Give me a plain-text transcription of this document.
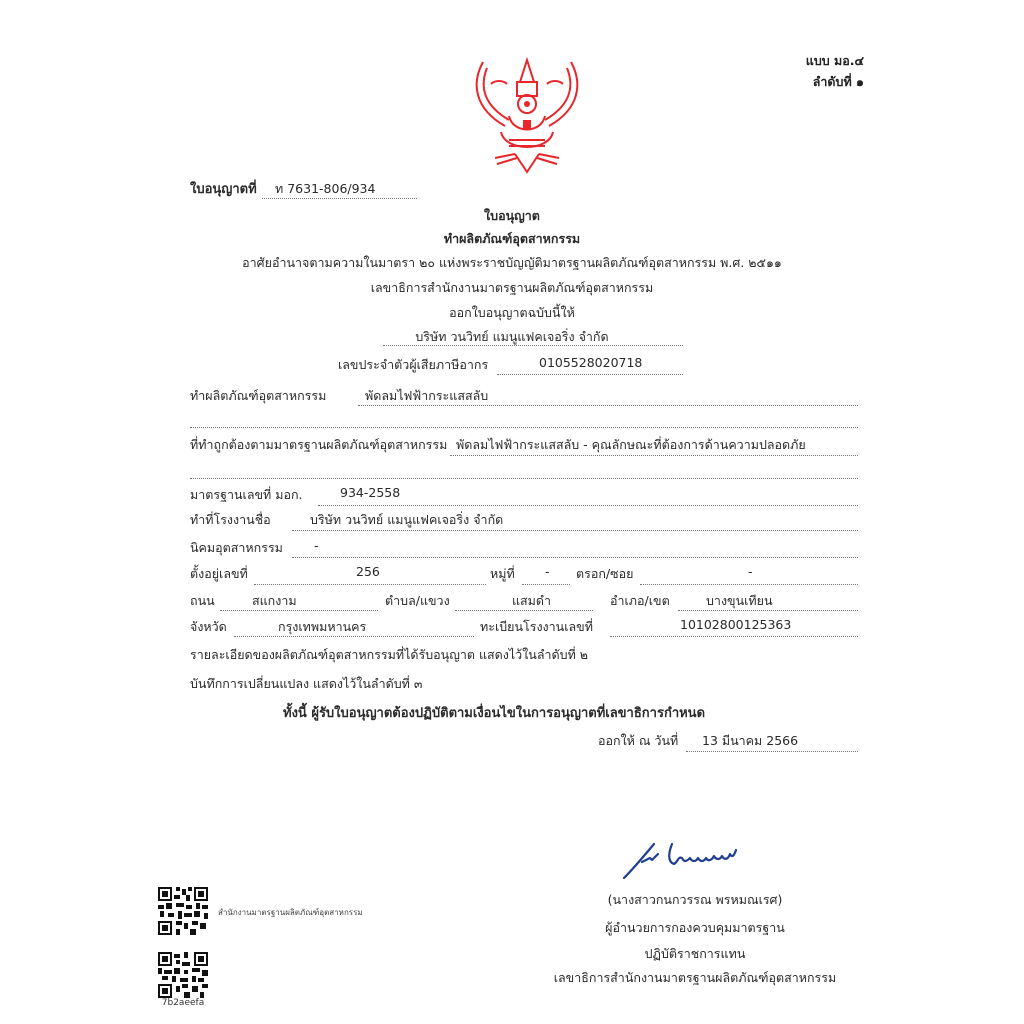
แบบ มอ.๔
ลำดับที่ ๑
ใบอนุญาตที่ ท 7631-806/934
ใบอนุญาต
ทำผลิตภัณฑ์อุตสาหกรรม
อาศัยอำนาจตามความในมาตรา ๒๐ แห่งพระราชบัญญัติมาตรฐานผลิตภัณฑ์อุตสาหกรรม พ.ศ. ๒๕๑๑
เลขาธิการสำนักงานมาตรฐานผลิตภัณฑ์อุตสาหกรรม
ออกใบอนุญาตฉบับนี้ให้
บริษัท วนวิทย์ แมนูแฟคเจอริ่ง จำกัด
เลขประจำตัวผู้เสียภาษีอากร	0105528020718
ทำผลิตภัณฑ์อุตสาหกรรม	พัดลมไฟฟ้ากระแสสลับ
ที่ทำถูกต้องตามมาตรฐานผลิตภัณฑ์อุตสาหกรรม พัดลมไฟฟ้ากระแสสลับ - คุณลักษณะที่ต้องการด้านความปลอดภัย
มาตรฐานเลขที่ มอก.	934-2558
ทำที่โรงงานชื่อ	บริษัท วนวิทย์ แมนูแฟคเจอริ่ง จำกัด
นิคมอุตสาหกรรม -
ตั้งอยู่เลขที่	256	หมู่ที่ - ตรอก/ซอย	-
ถนน	สแกงาม	ตำบล/แขวง	แสมดำ	อำเภอ/เขต	บางขุนเทียน
จังหวัด	กรุงเทพมหานคร	ทะเบียนโรงงานเลขที่	10102800125363
รายละเอียดของผลิตภัณฑ์อุตสาหกรรมที่ได้รับอนุญาต แสดงไว้ในลำดับที่ ๒
บันทึกการเปลี่ยนแปลง แสดงไว้ในลำดับที่ ๓
ทั้งนี้ ผู้รับใบอนุญาตต้องปฏิบัติตามเงื่อนไขในการอนุญาตที่เลขาธิการกำหนด
ออกให้ ณ วันที่ 13 มีนาคม 2566
(นางสาวกนกวรรณ พรหมณเรศ)
ผู้อำนวยการกองควบคุมมาตรฐาน
ปฏิบัติราชการแทน
เลขาธิการสำนักงานมาตรฐานผลิตภัณฑ์อุตสาหกรรม
สำนักงานมาตรฐานผลิตภัณฑ์อุตสาหกรรม
7b2aeefa
